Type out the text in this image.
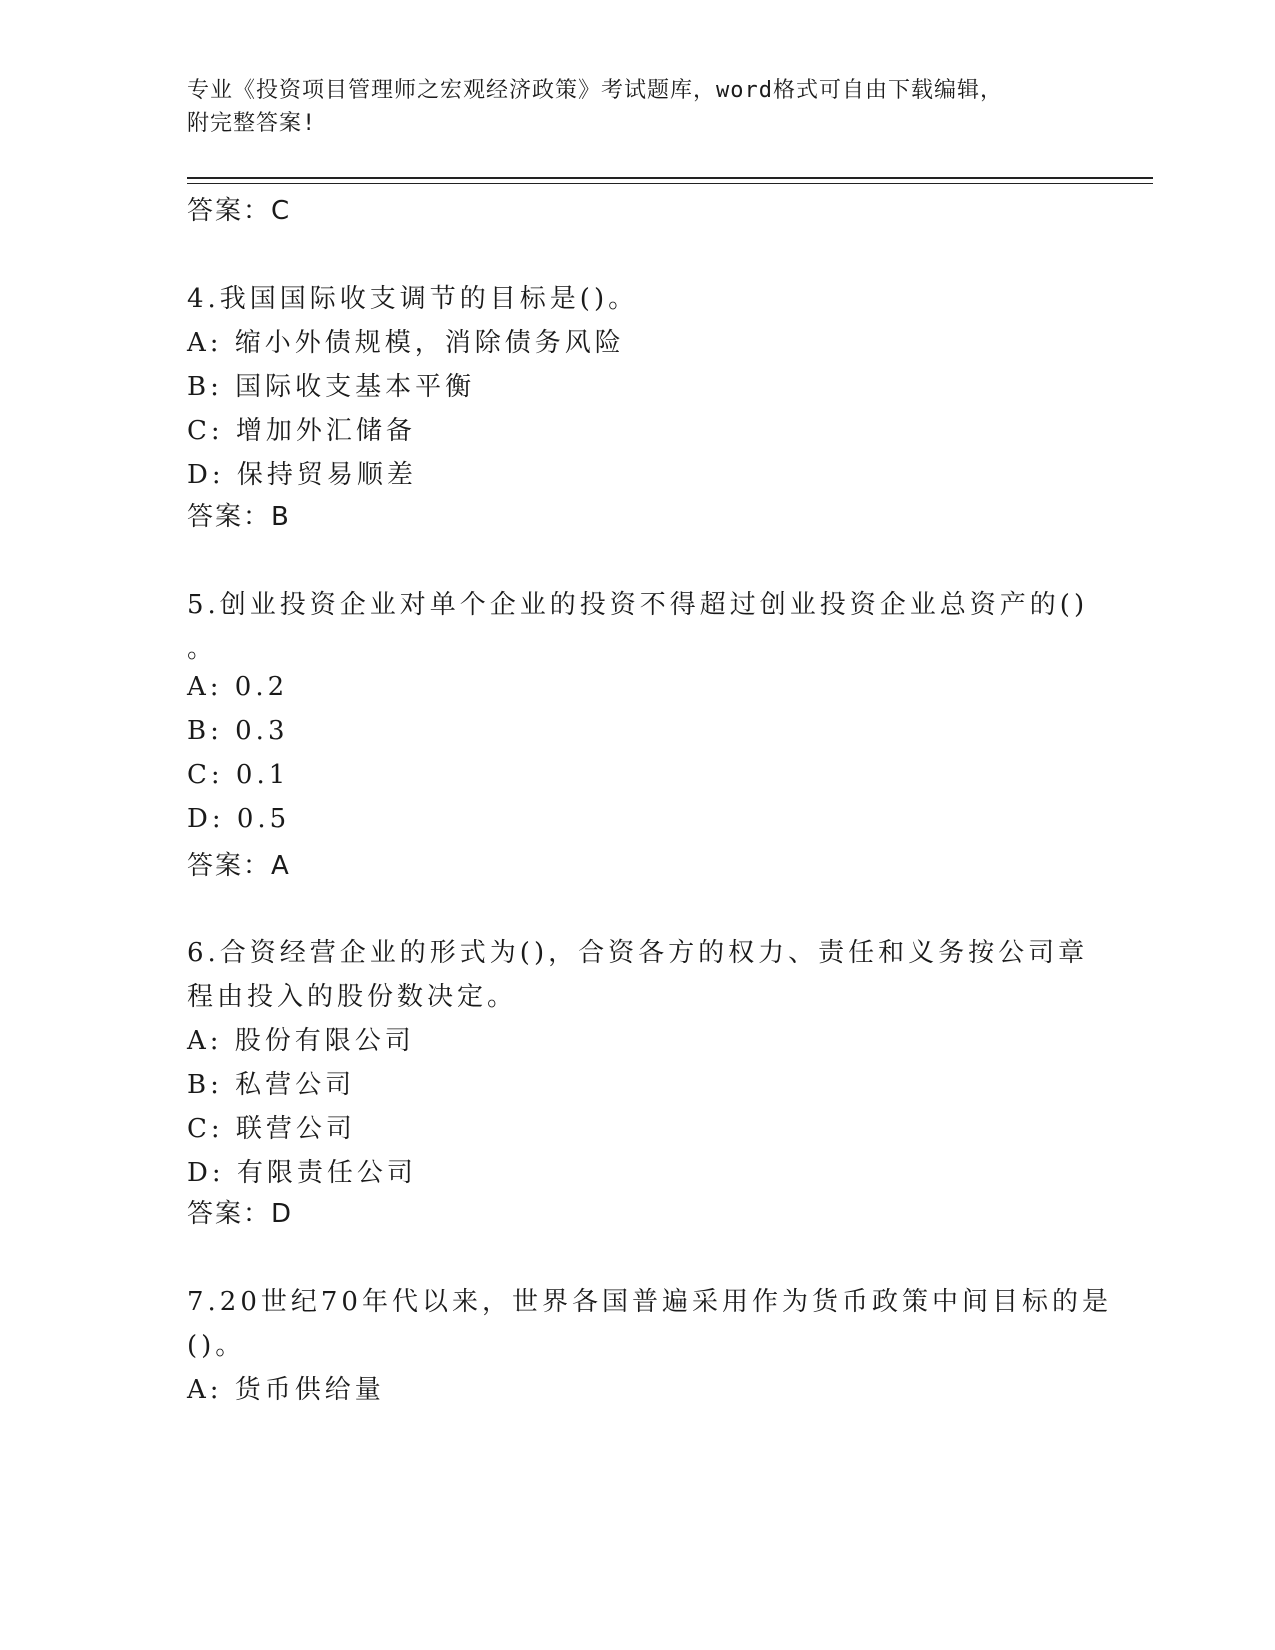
专业《投资项目管理师之宏观经济政策》考试题库，word格式可自由下载编辑，
附完整答案!
答案：C
4.我国国际收支调节的目标是()。
A: 缩小外债规模，消除债务风险
B: 国际收支基本平衡
C: 增加外汇储备
D: 保持贸易顺差
答案：B
5.创业投资企业对单个企业的投资不得超过创业投资企业总资产的()
。
A: 0.2
B: 0.3
C: 0.1
D: 0.5
答案：A
6.合资经营企业的形式为()，合资各方的权力、责任和义务按公司章
程由投入的股份数决定。
A: 股份有限公司
B: 私营公司
C: 联营公司
D: 有限责任公司
答案：D
7.20世纪70年代以来，世界各国普遍采用作为货币政策中间目标的是
()。
A: 货币供给量
